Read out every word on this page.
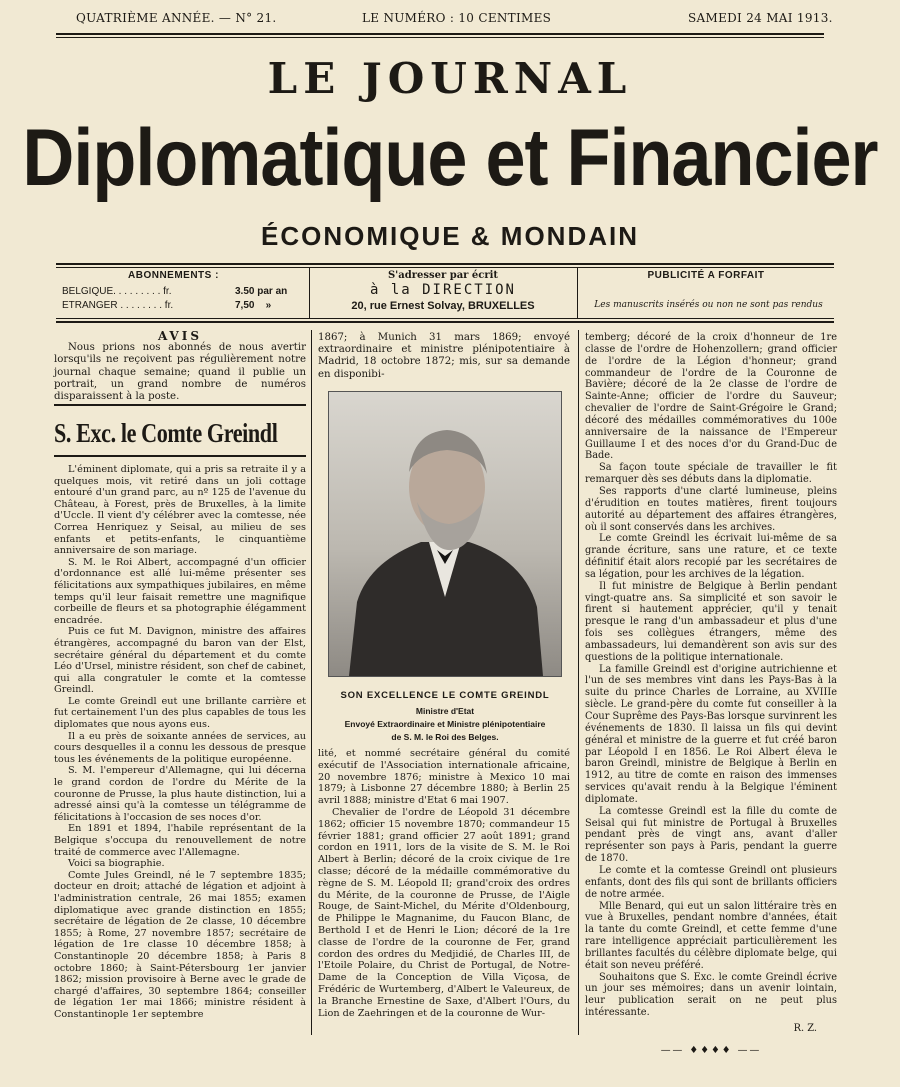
QUATRIÈME ANNÉE. — N° 21.	LE NUMÉRO : 10 CENTIMES	SAMEDI 24 MAI 1913.
LE JOURNAL
Diplomatique et Financier
ÉCONOMIQUE & MONDAIN
ABONNEMENTS :
BELGIQUE. . . . . . . . . fr.	3.50 par an
ETRANGER . . . . . . . . fr.	7,50    »
S'adresser par écrit
à la DIRECTION
20, rue Ernest Solvay, BRUXELLES
PUBLICITÉ A FORFAIT
Les manuscrits insérés ou non ne sont pas rendus
AVIS

Nous prions nos abonnés de nous avertir lorsqu'ils ne reçoivent pas régulièrement notre journal chaque semaine; quand il publie un portrait, un grand nombre de numéros disparaissent à la poste.

S. Exc. le Comte Greindl

L'éminent diplomate, qui a pris sa retraite il y a quelques mois, vit retiré dans un joli cottage entouré d'un grand parc, au nº 125 de l'avenue du Château, à Forest, près de Bruxelles, à la limite d'Uccle. Il vient d'y célébrer avec la comtesse, née Correa Henriquez y Seisal, au milieu de ses enfants et petits-enfants, le cinquantième anniversaire de son mariage.

S. M. le Roi Albert, accompagné d'un officier d'ordonnance est allé lui-même présenter ses félicitations aux sympathiques jubilaires, en même temps qu'il leur faisait remettre une magnifique corbeille de fleurs et sa photographie élégamment encadrée.

Puis ce fut M. Davignon, ministre des affaires étrangères, accompagné du baron van der Elst, secrétaire général du département et du comte Léo d'Ursel, ministre résident, son chef de cabinet, qui alla congratuler le comte et la comtesse Greindl.

Le comte Greindl eut une brillante carrière et fut certainement l'un des plus capables de tous les diplomates que nous ayons eus.

Il a eu près de soixante années de services, au cours desquelles il a connu les dessous de presque tous les événements de la politique européenne.

S. M. l'empereur d'Allemagne, qui lui décerna le grand cordon de l'ordre du Mérite de la couronne de Prusse, la plus haute distinction, lui a adressé ainsi qu'à la comtesse un télégramme de félicitations à l'occasion de ses noces d'or.

En 1891 et 1894, l'habile représentant de la Belgique s'occupa du renouvellement de notre traité de commerce avec l'Allemagne.

Voici sa biographie.

Comte Jules Greindl, né le 7 septembre 1835; docteur en droit; attaché de légation et adjoint à l'administration centrale, 26 mai 1855; examen diplomatique avec grande distinction en 1855; secrétaire de légation de 2e classe, 10 décembre 1855; à Rome, 27 novembre 1857; secrétaire de légation de 1re classe 10 décembre 1858; à Constantinople 20 décembre 1858; à Paris 8 octobre 1860; à Saint-Pétersbourg 1er janvier 1862; mission provisoire à Berne avec le grade de chargé d'affaires, 30 septembre 1864; conseiller de légation 1er mai 1866; ministre résident à Constantinople 1er septembre

1867; à Munich 31 mars 1869; envoyé extraordinaire et ministre plénipotentiaire à Madrid, 18 octobre 1872; mis, sur sa demande en disponibi-

SON EXCELLENCE LE COMTE GREINDL
Ministre d'Etat
Envoyé Extraordinaire et Ministre plénipotentiaire
de S. M. le Roi des Belges.

lité, et nommé secrétaire général du comité exécutif de l'Association internationale africaine, 20 novembre 1876; ministre à Mexico 10 mai 1879; à Lisbonne 27 décembre 1880; à Berlin 25 avril 1888; ministre d'Etat 6 mai 1907.

Chevalier de l'ordre de Léopold 31 décembre 1862; officier 15 novembre 1870; commandeur 15 février 1881; grand officier 27 août 1891; grand cordon en 1911, lors de la visite de S. M. le Roi Albert à Berlin; décoré de la croix civique de 1re classe; décoré de la médaille commémorative du règne de S. M. Léopold II; grand'croix des ordres du Mérite, de la couronne de Prusse, de l'Aigle Rouge, de Saint-Michel, du Mérite d'Oldenbourg, de Philippe le Magnanime, du Faucon Blanc, de Berthold I et de Henri le Lion; décoré de la 1re classe de l'ordre de la couronne de Fer, grand cordon des ordres du Medjidié, de Charles III, de l'Etoile Polaire, du Christ de Portugal, de Notre-Dame de la Conception de Villa Viçosa, de Frédéric de Wurtemberg, d'Albert le Valeureux, de la Branche Ernestine de Saxe, d'Albert l'Ours, du Lion de Zaehringen et de la couronne de Wur-

temberg; décoré de la croix d'honneur de 1re classe de l'ordre de Hohenzollern; grand officier de l'ordre de la Légion d'honneur; grand commandeur de l'ordre de la Couronne de Bavière; décoré de la 2e classe de l'ordre de Sainte-Anne; officier de l'ordre du Sauveur; chevalier de l'ordre de Saint-Grégoire le Grand; décoré des médailles commémoratives du 100e anniversaire de la naissance de l'Empereur Guillaume I et des noces d'or du Grand-Duc de Bade.

Sa façon toute spéciale de travailler le fit remarquer dès ses débuts dans la diplomatie.

Ses rapports d'une clarté lumineuse, pleins d'érudition en toutes matières, firent toujours autorité au département des affaires étrangères, où il sont conservés dans les archives.

Le comte Greindl les écrivait lui-même de sa grande écriture, sans une rature, et ce texte définitif était alors recopié par les secrétaires de sa légation, pour les archives de la légation.

Il fut ministre de Belgique à Berlin pendant vingt-quatre ans. Sa simplicité et son savoir le firent si hautement apprécier, qu'il y tenait presque le rang d'un ambassadeur et plus d'une fois ses collègues étrangers, même des ambassadeurs, lui demandèrent son avis sur des questions de la politique internationale.

La famille Greindl est d'origine autrichienne et l'un de ses membres vint dans les Pays-Bas à la suite du prince Charles de Lorraine, au XVIIIe siècle. Le grand-père du comte fut conseiller à la Cour Suprême des Pays-Bas lorsque survinrent les événements de 1830. Il laissa un fils qui devint général et ministre de la guerre et fut créé baron par Léopold I en 1856. Le Roi Albert éleva le baron Greindl, ministre de Belgique à Berlin en 1912, au titre de comte en raison des immenses services qu'avait rendu à la Belgique l'éminent diplomate.

La comtesse Greindl est la fille du comte de Seisal qui fut ministre de Portugal à Bruxelles pendant près de vingt ans, avant d'aller représenter son pays à Paris, pendant la guerre de 1870.

Le comte et la comtesse Greindl ont plusieurs enfants, dont des fils qui sont de brillants officiers de notre armée.

Mlle Benard, qui eut un salon littéraire très en vue à Bruxelles, pendant nombre d'années, était la tante du comte Greindl, et cette femme d'une rare intelligence appréciait particulièrement les brillantes facultés du célèbre diplomate belge, qui était son neveu préféré.

Souhaitons que S. Exc. le comte Greindl écrive un jour ses mémoires; dans un avenir lointain, leur publication serait on ne peut plus intéressante.

R. Z.
—— ♦♦♦♦ ——
